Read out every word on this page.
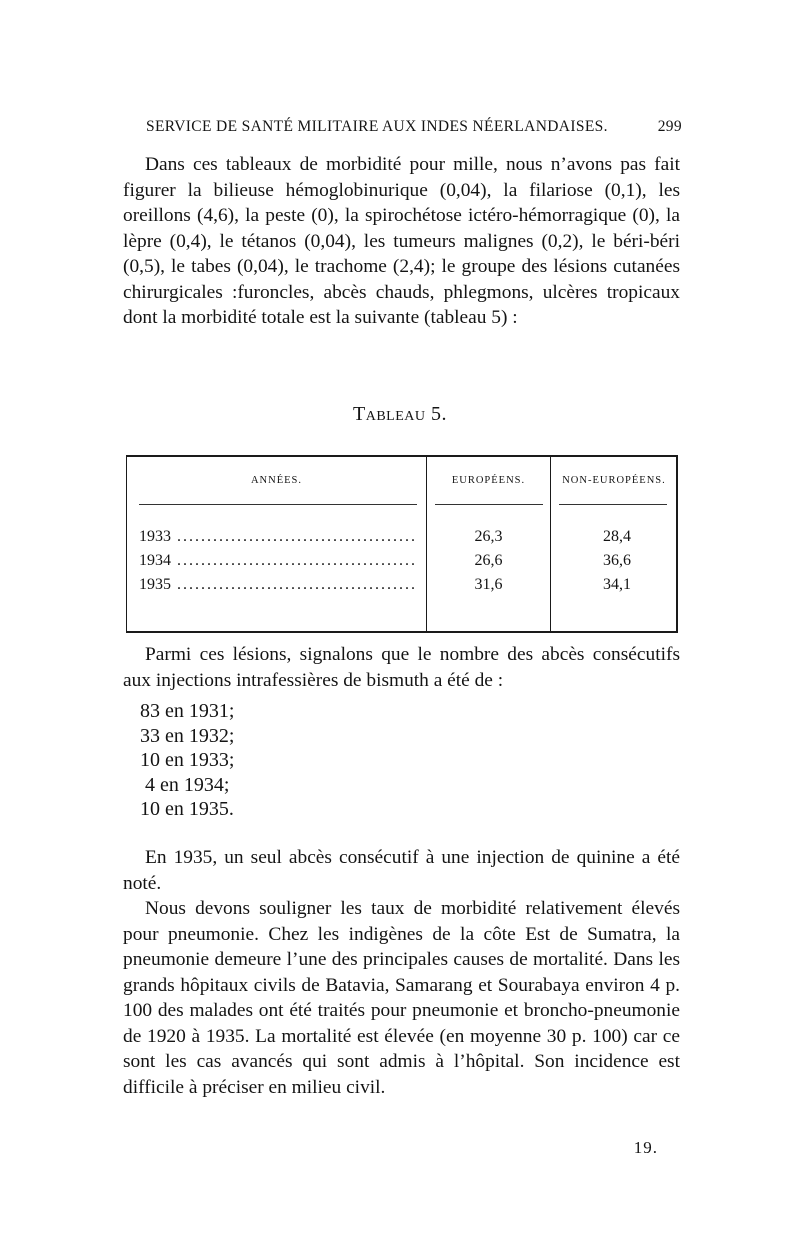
SERVICE DE SANTÉ MILITAIRE AUX INDES NÉERLANDAISES.	299

Dans ces tableaux de morbidité pour mille, nous n’avons pas fait figurer la bilieuse hémoglobinurique (0,04), la filariose (0,1), les oreillons (4,6), la peste (0), la spirochétose ictéro-hémorragique (0), la lèpre (0,4), le tétanos (0,04), les tumeurs malignes (0,2), le béri-béri (0,5), le tabes (0,04), le trachome (2,4); le groupe des lésions cutanées chirurgicales :furoncles, abcès chauds, phlegmons, ulcères tropicaux dont la morbidité totale est la suivante (tableau 5) :

Tableau 5.
ANNÉES.	EUROPÉENS.	NON-EUROPÉENS.
1933 .....	26,3	28,4
1934 .....	26,6	36,6
1935 .....	31,6	34,1

Parmi ces lésions, signalons que le nombre des abcès consécutifs aux injections intrafessières de bismuth a été de :

83 en 1931;
33 en 1932;
10 en 1933;
4 en 1934;
10 en 1935.

En 1935, un seul abcès consécutif à une injection de quinine a été noté.

Nous devons souligner les taux de morbidité relativement élevés pour pneumonie. Chez les indigènes de la côte Est de Sumatra, la pneumonie demeure l’une des principales causes de mortalité. Dans les grands hôpitaux civils de Batavia, Samarang et Sourabaya environ 4 p. 100 des malades ont été traités pour pneumonie et broncho-pneumonie de 1920 à 1935. La mortalité est élevée (en moyenne 30 p. 100) car ce sont les cas avancés qui sont admis à l’hôpital. Son incidence est difficile à préciser en milieu civil.

19.
